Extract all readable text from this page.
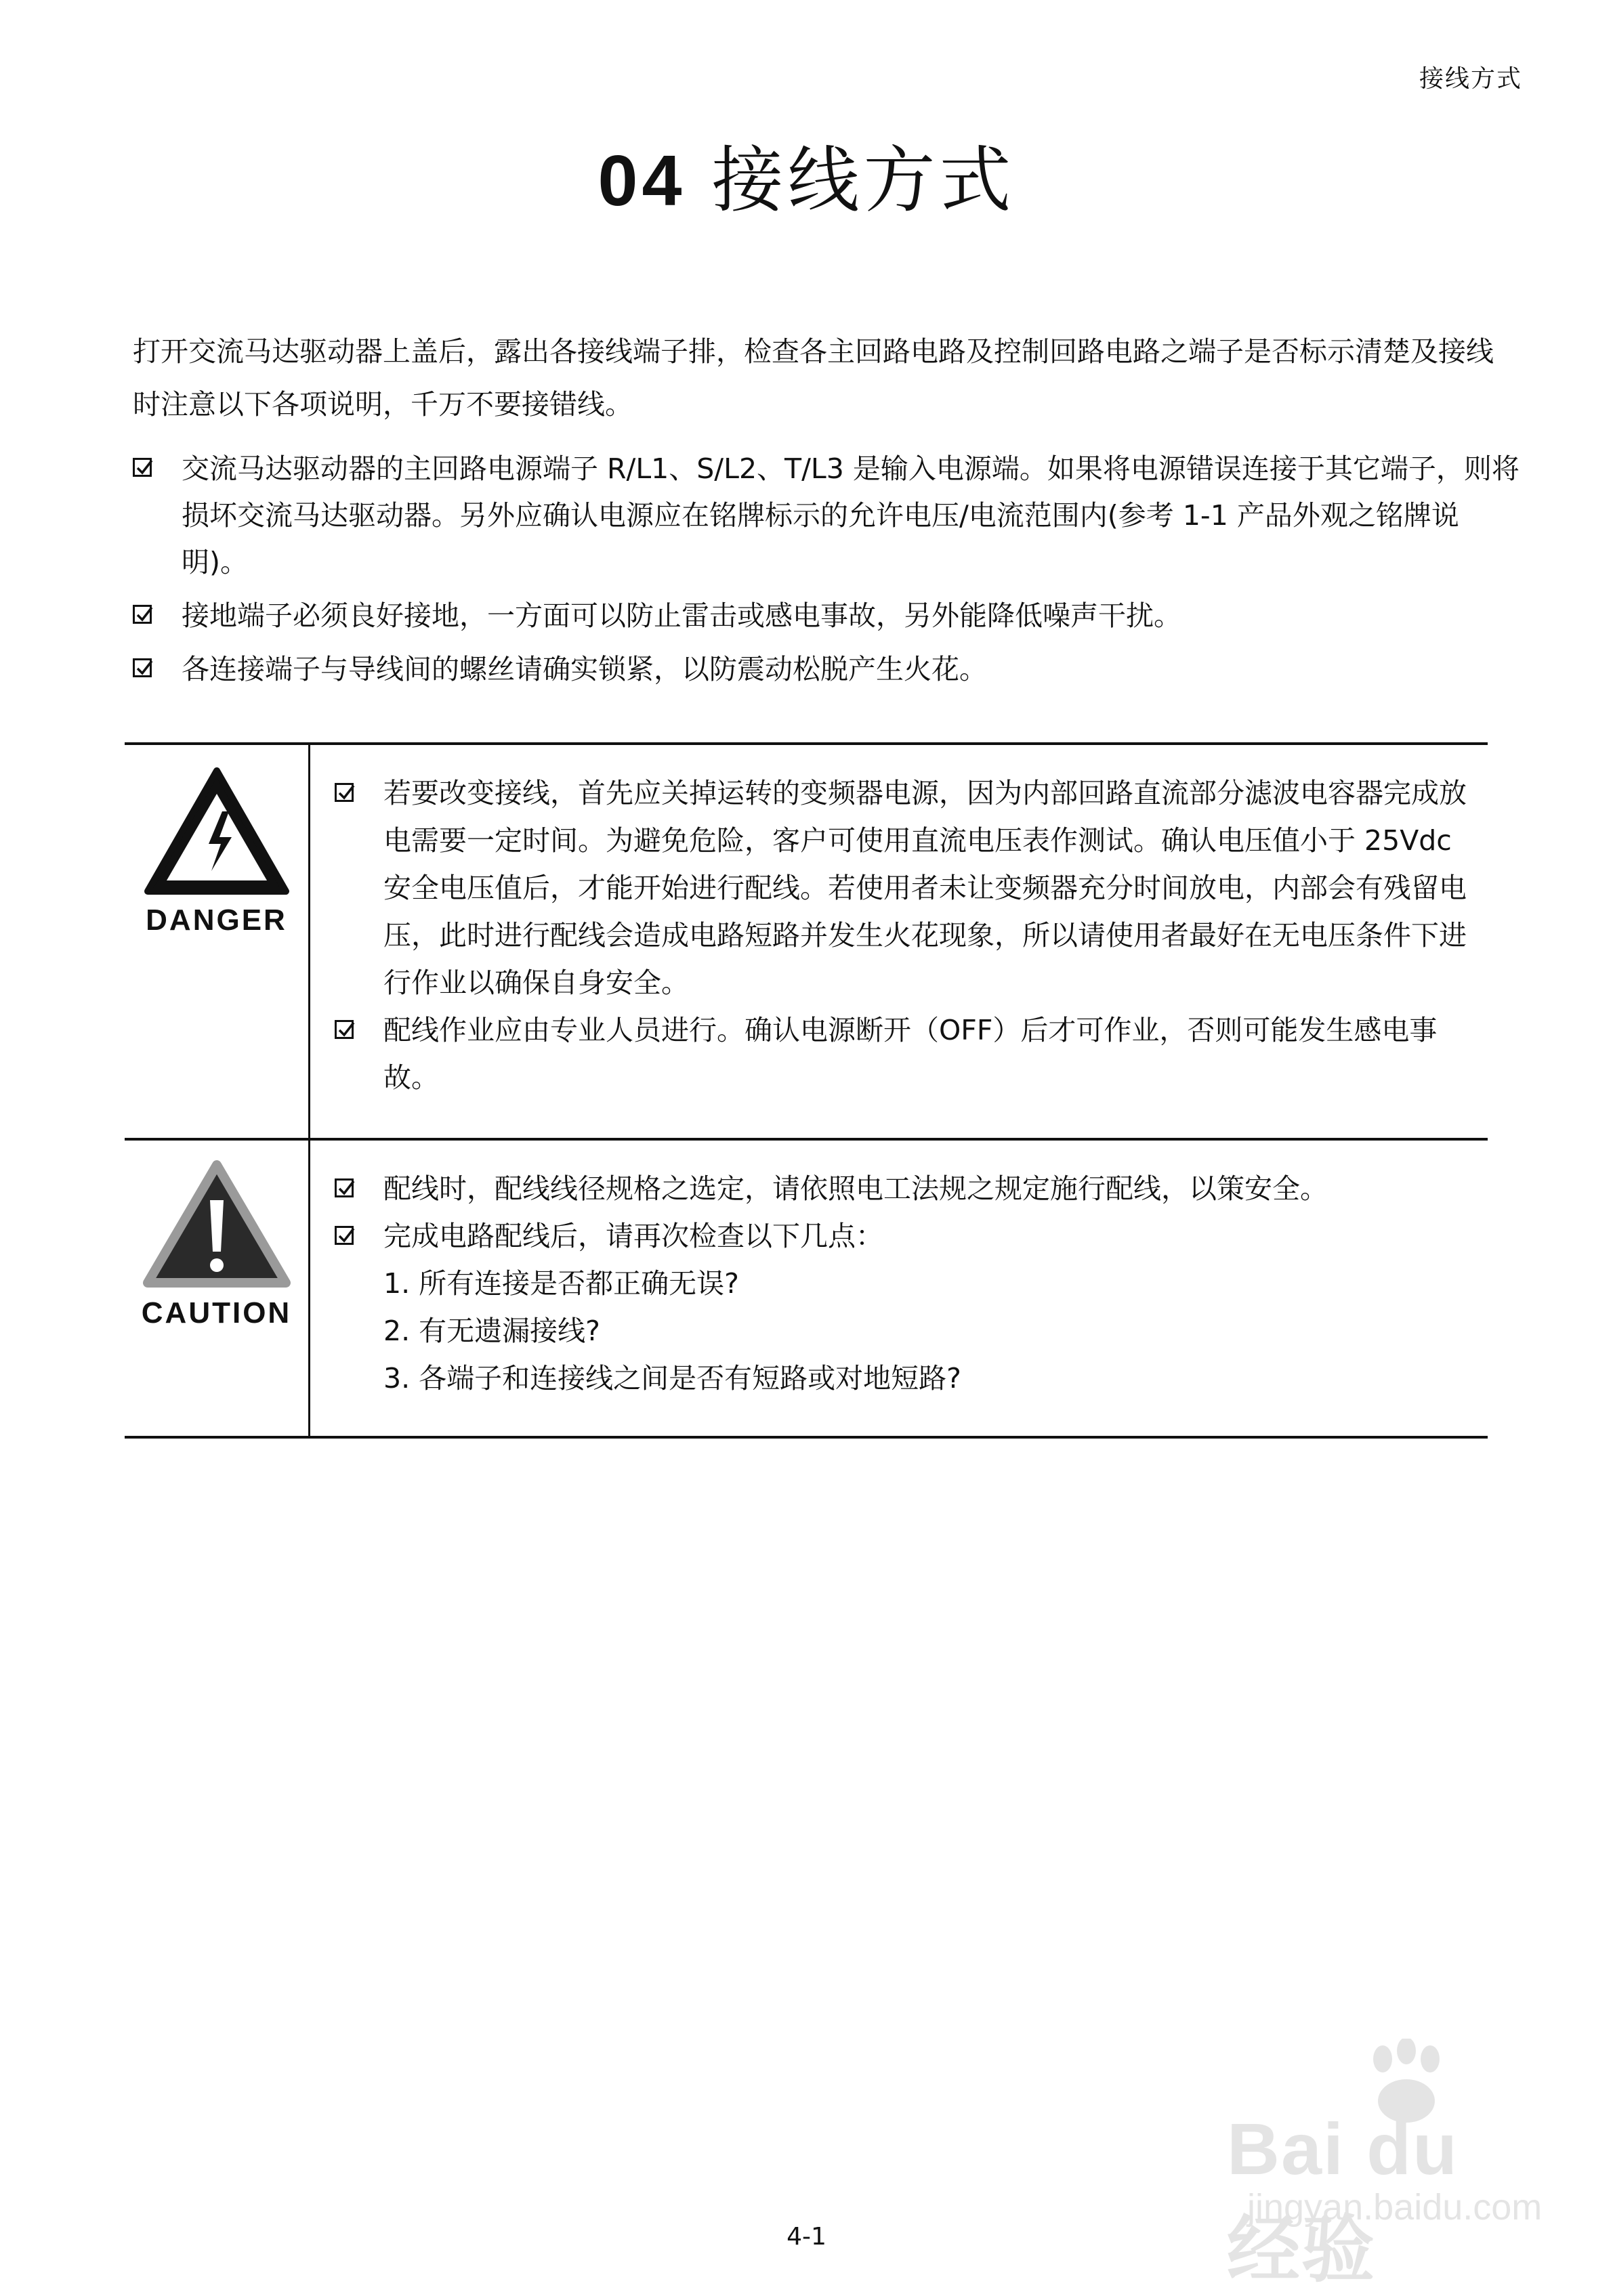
接线方式
04 接线方式

打开交流马达驱动器上盖后，露出各接线端子排，检查各主回路电路及控制回路电路之端子是否标示清楚及接线时注意以下各项说明，千万不要接错线。

交流马达驱动器的主回路电源端子 R/L1、S/L2、T/L3 是输入电源端。如果将电源错误连接于其它端子，则将损坏交流马达驱动器。另外应确认电源应在铭牌标示的允许电压/电流范围内(参考 1-1 产品外观之铭牌说明)。
接地端子必须良好接地，一方面可以防止雷击或感电事故，另外能降低噪声干扰。
各连接端子与导线间的螺丝请确实锁紧，以防震动松脱产生火花。
DANGER
若要改变接线，首先应关掉运转的变频器电源，因为内部回路直流部分滤波电容器完成放电需要一定时间。为避免危险，客户可使用直流电压表作测试。确认电压值小于 25Vdc 安全电压值后，才能开始进行配线。若使用者未让变频器充分时间放电，内部会有残留电压，此时进行配线会造成电路短路并发生火花现象，所以请使用者最好在无电压条件下进行作业以确保自身安全。
配线作业应由专业人员进行。确认电源断开（OFF）后才可作业，否则可能发生感电事故。
CAUTION
配线时，配线线径规格之选定，请依照电工法规之规定施行配线，以策安全。
完成电路配线后，请再次检查以下几点：
1. 所有连接是否都正确无误?
2. 有无遗漏接线?
3. 各端子和连接线之间是否有短路或对地短路?
Bai du 经验
jingyan.baidu.com
4-1
